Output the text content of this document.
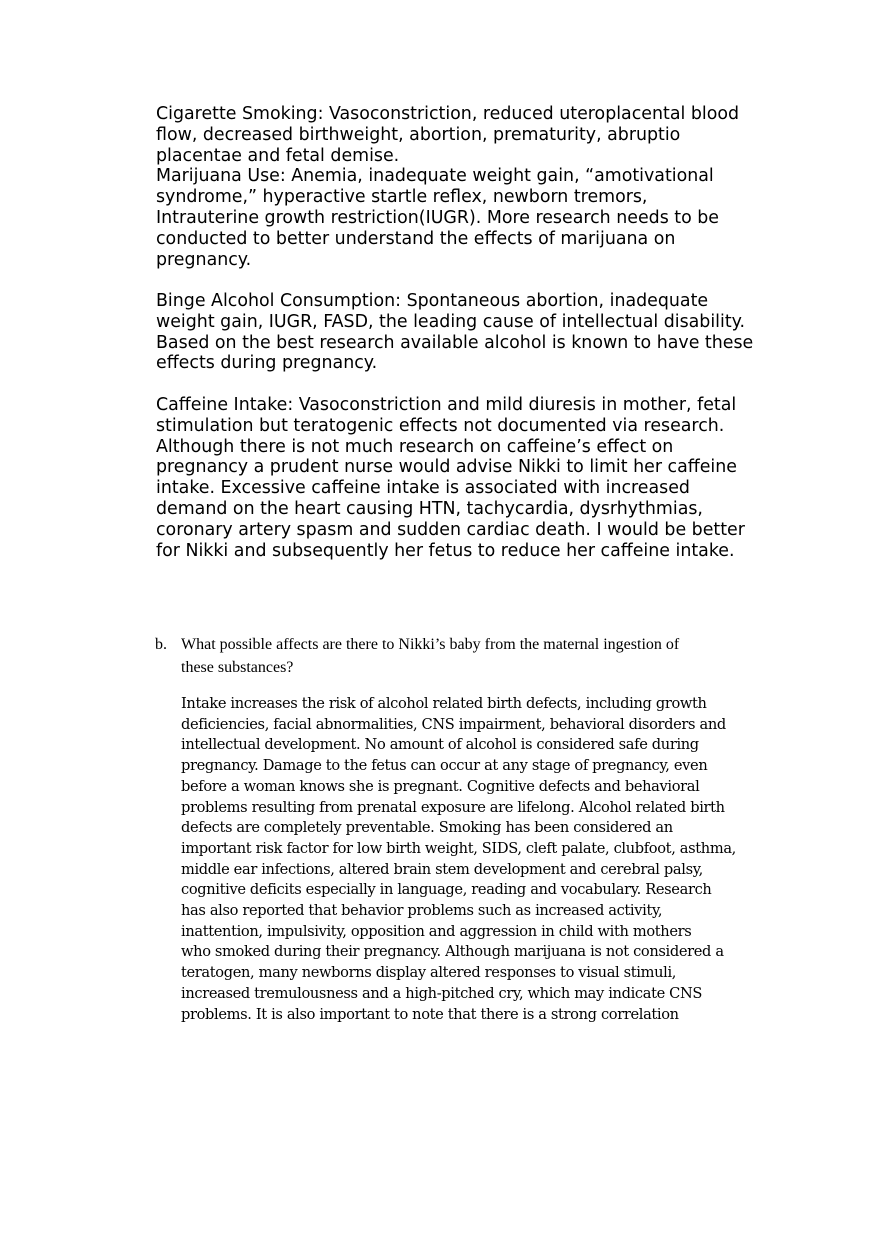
Cigarette Smoking: Vasoconstriction, reduced uteroplacental blood

flow, decreased birthweight, abortion, prematurity, abruptio

placentae and fetal demise.

Marijuana Use: Anemia, inadequate weight gain, “amotivational

syndrome,” hyperactive startle reflex, newborn tremors,

Intrauterine growth restriction(IUGR). More research needs to be

conducted to better understand the effects of marijuana on

pregnancy.

Binge Alcohol Consumption: Spontaneous abortion, inadequate

weight gain, IUGR, FASD, the leading cause of intellectual disability.

Based on the best research available alcohol is known to have these

effects during pregnancy.

Caffeine Intake: Vasoconstriction and mild diuresis in mother, fetal

stimulation but teratogenic effects not documented via research.

Although there is not much research on caffeine’s effect on

pregnancy a prudent nurse would advise Nikki to limit her caffeine

intake. Excessive caffeine intake is associated with increased

demand on the heart causing HTN, tachycardia, dysrhythmias,

coronary artery spasm and sudden cardiac death. I would be better

for Nikki and subsequently her fetus to reduce her caffeine intake.

b. What possible affects are there to Nikki’s baby from the maternal ingestion of
these substances?
Intake increases the risk of alcohol related birth defects, including growth
deficiencies, facial abnormalities, CNS impairment, behavioral disorders and
intellectual development. No amount of alcohol is considered safe during
pregnancy. Damage to the fetus can occur at any stage of pregnancy, even
before a woman knows she is pregnant. Cognitive defects and behavioral
problems resulting from prenatal exposure are lifelong. Alcohol related birth
defects are completely preventable. Smoking has been considered an
important risk factor for low birth weight, SIDS, cleft palate, clubfoot, asthma,
middle ear infections, altered brain stem development and cerebral palsy,
cognitive deficits especially in language, reading and vocabulary. Research
has also reported that behavior problems such as increased activity,
inattention, impulsivity, opposition and aggression in child with mothers
who smoked during their pregnancy. Although marijuana is not considered a
teratogen, many newborns display altered responses to visual stimuli,
increased tremulousness and a high-pitched cry, which may indicate CNS
problems. It is also important to note that there is a strong correlation
